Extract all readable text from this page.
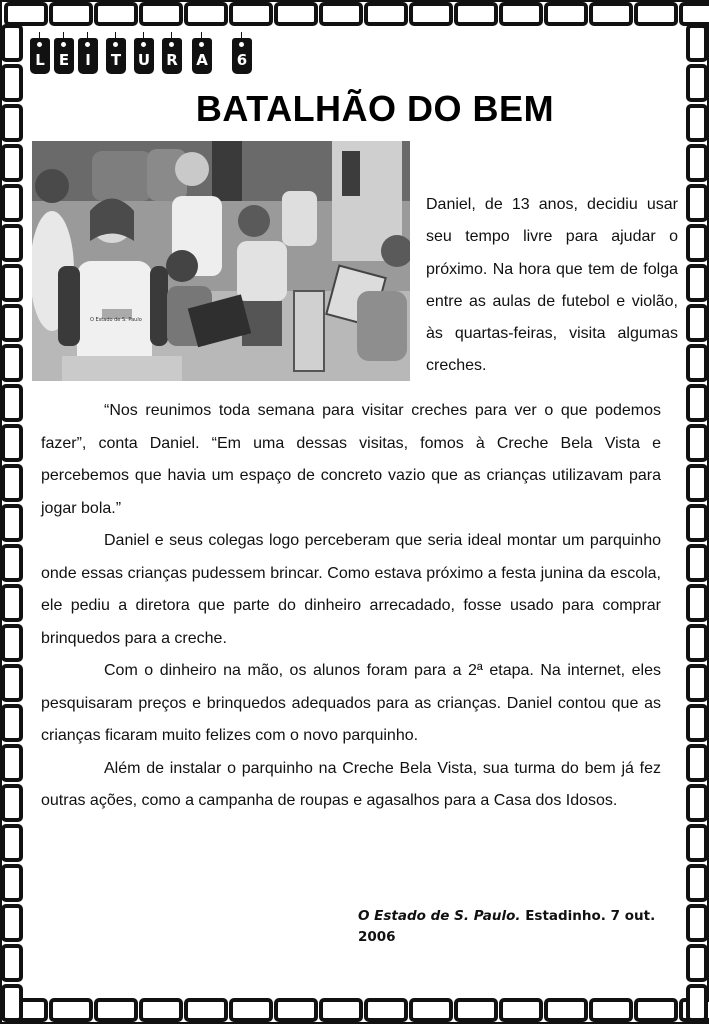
L E	I	T	U R A	6
BATALHÃO DO BEM
O Estado de S. Paulo

Daniel, de 13 anos, decidiu usar seu tempo livre para ajudar o próximo. Na hora que tem de folga entre as aulas de futebol e violão, às quartas-feiras, visita algumas creches.

“Nos reunimos toda semana para visitar creches para ver o que podemos fazer”, conta Daniel. “Em uma dessas visitas, fomos à Creche Bela Vista e percebemos que havia um espaço de concreto vazio que as crianças utilizavam para jogar bola.”

Daniel e seus colegas logo perceberam que seria ideal montar um parquinho onde essas crianças pudessem brincar. Como estava próximo a festa junina da escola, ele pediu a diretora que parte do dinheiro arrecadado, fosse usado para comprar brinquedos para a creche.

Com o dinheiro na mão, os alunos foram para a 2ª etapa. Na internet, eles pesquisaram preços e brinquedos adequados para as crianças. Daniel contou que as crianças ficaram muito felizes com o novo parquinho.

Além de instalar o parquinho na Creche Bela Vista, sua turma do bem já fez outras ações, como a campanha de roupas e agasalhos para a Casa dos Idosos.

O Estado de S. Paulo. Estadinho. 7 out. 2006
